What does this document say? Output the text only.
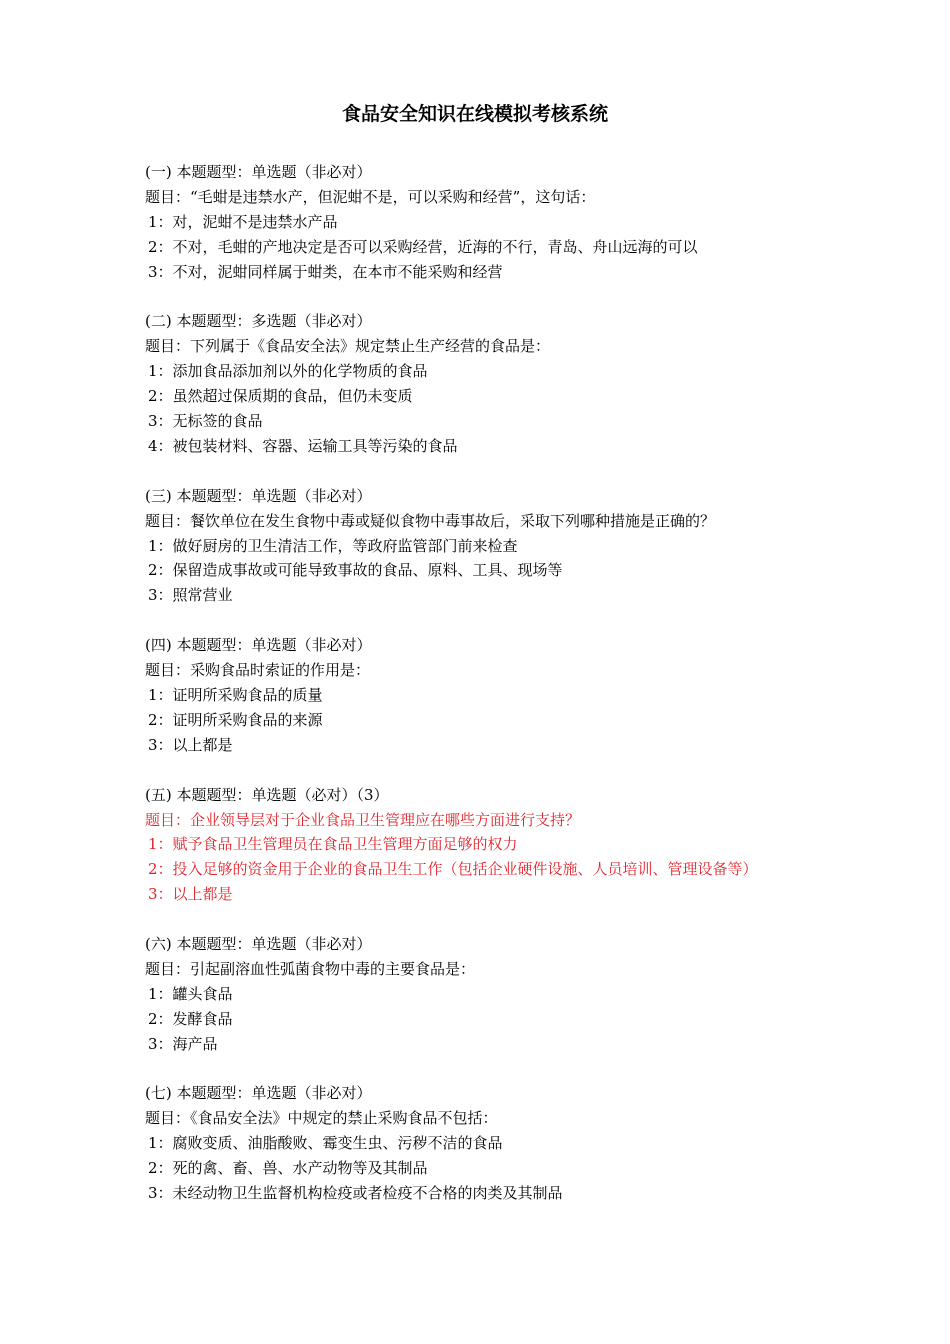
食品安全知识在线模拟考核系统
(一) 本题题型：单选题（非必对）
题目：“毛蚶是违禁水产，但泥蚶不是，可以采购和经营”，这句话：
1：对，泥蚶不是违禁水产品
2：不对，毛蚶的产地决定是否可以采购经营，近海的不行，青岛、舟山远海的可以
3：不对，泥蚶同样属于蚶类，在本市不能采购和经营
(二) 本题题型：多选题（非必对）
题目：下列属于《食品安全法》规定禁止生产经营的食品是：
1：添加食品添加剂以外的化学物质的食品
2：虽然超过保质期的食品，但仍未变质
3：无标签的食品
4：被包装材料、容器、运输工具等污染的食品
(三) 本题题型：单选题（非必对）
题目：餐饮单位在发生食物中毒或疑似食物中毒事故后，采取下列哪种措施是正确的？
1：做好厨房的卫生清洁工作，等政府监管部门前来检查
2：保留造成事故或可能导致事故的食品、原料、工具、现场等
3：照常营业
(四) 本题题型：单选题（非必对）
题目：采购食品时索证的作用是：
1：证明所采购食品的质量
2：证明所采购食品的来源
3：以上都是
(五) 本题题型：单选题（必对）（3）
题目：企业领导层对于企业食品卫生管理应在哪些方面进行支持？
1：赋予食品卫生管理员在食品卫生管理方面足够的权力
2：投入足够的资金用于企业的食品卫生工作（包括企业硬件设施、人员培训、管理设备等）
3：以上都是
(六) 本题题型：单选题（非必对）
题目：引起副溶血性弧菌食物中毒的主要食品是：
1：罐头食品
2：发酵食品
3：海产品
(七) 本题题型：单选题（非必对）
题目：《食品安全法》中规定的禁止采购食品不包括：
1：腐败变质、油脂酸败、霉变生虫、污秽不洁的食品
2：死的禽、畜、兽、水产动物等及其制品
3：未经动物卫生监督机构检疫或者检疫不合格的肉类及其制品
